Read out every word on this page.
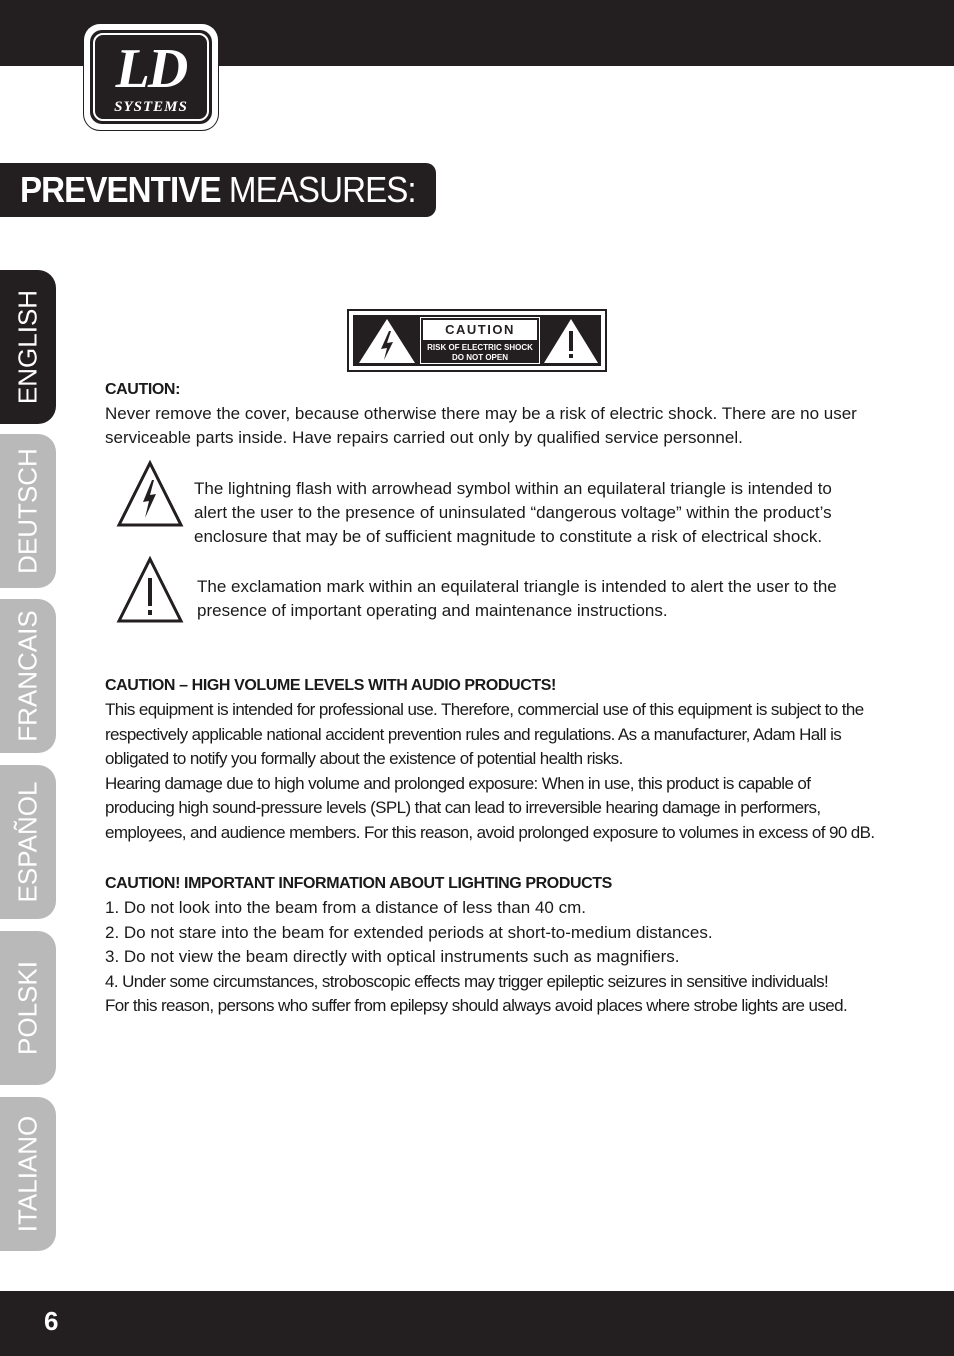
LD
SYSTEMS
PREVENTIVE MEASURES:
ENGLISH
DEUTSCH
FRANCAIS
ESPAÑOL
POLSKI
ITALIANO
CAUTION
RISK OF ELECTRIC SHOCK
DO NOT OPEN
CAUTION:
Never remove the cover, because otherwise there may be a risk of electric shock. There are no user
serviceable parts inside. Have repairs carried out only by qualified service personnel.
The lightning flash with arrowhead symbol within an equilateral triangle is intended to
alert the user to the presence of uninsulated “dangerous voltage” within the product’s
enclosure that may be of sufficient magnitude to constitute a risk of electrical shock.
The exclamation mark within an equilateral triangle is intended to alert the user to the
presence of important operating and maintenance instructions.
CAUTION – HIGH VOLUME LEVELS WITH AUDIO PRODUCTS!
This equipment is intended for professional use. Therefore, commercial use of this equipment is subject to the
respectively applicable national accident prevention rules and regulations. As a manufacturer, Adam Hall is
obligated to notify you formally about the existence of potential health risks.
Hearing damage due to high volume and prolonged exposure: When in use, this product is capable of
producing high sound-pressure levels (SPL) that can lead to irreversible hearing damage in performers,
employees, and audience members. For this reason, avoid prolonged exposure to volumes in excess of 90 dB.
CAUTION! IMPORTANT INFORMATION ABOUT LIGHTING PRODUCTS
1. Do not look into the beam from a distance of less than 40 cm.
2. Do not stare into the beam for extended periods at short-to-medium distances.
3. Do not view the beam directly with optical instruments such as magnifiers.
4. Under some circumstances, stroboscopic effects may trigger epileptic seizures in sensitive individuals!
For this reason, persons who suffer from epilepsy should always avoid places where strobe lights are used.
6
